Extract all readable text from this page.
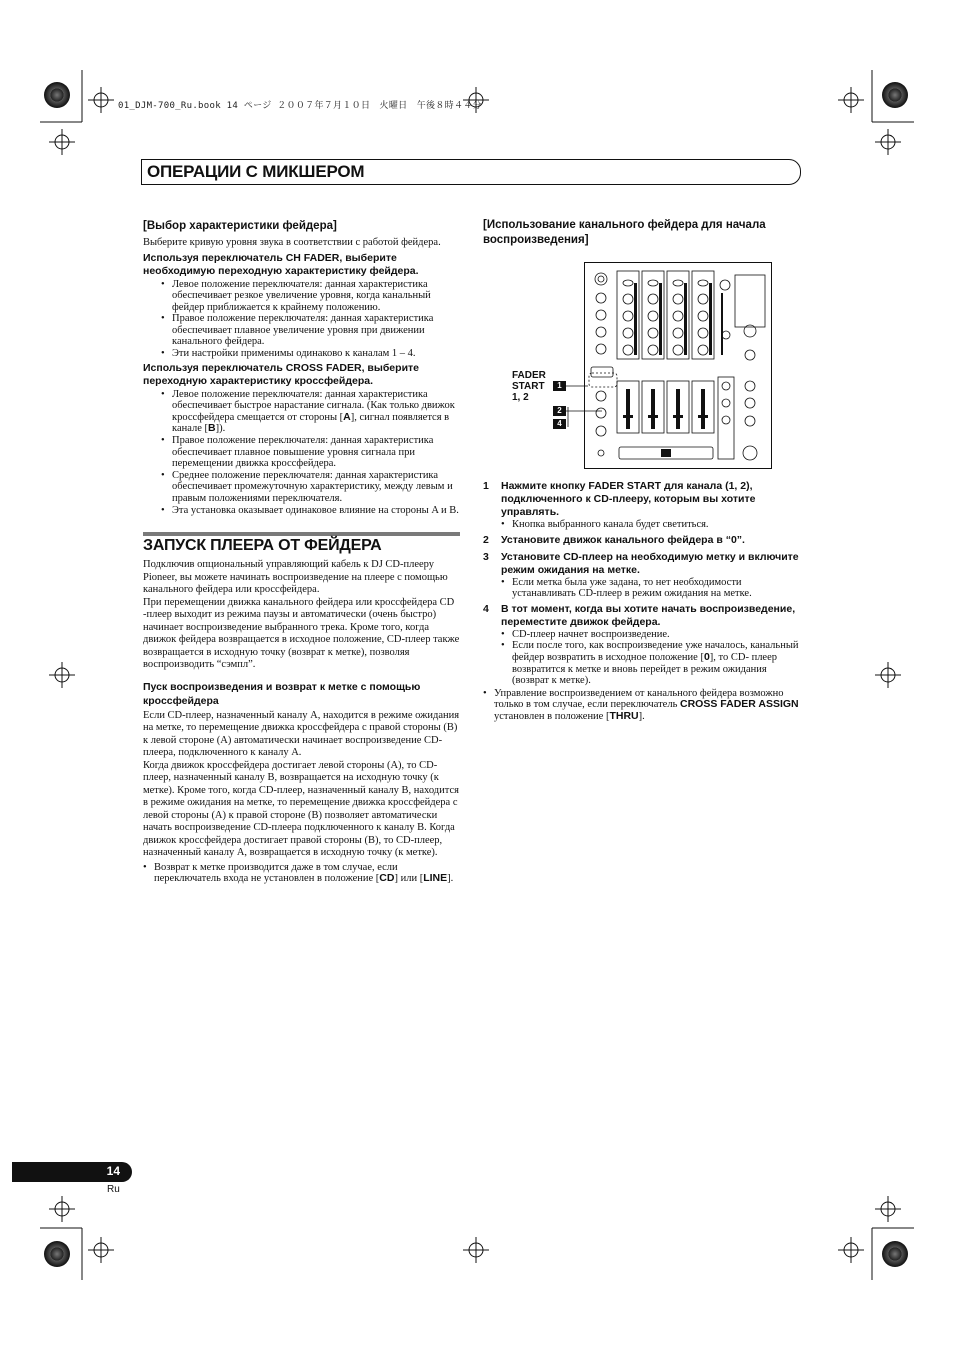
01_DJM-700_Ru.book 14 ページ ２００７年７月１０日　火曜日　午後８時４４分
ОПЕРАЦИИ С МИКШЕРОМ
[Выбор характеристики фейдера]

Выберите кривую уровня звука в соответствии с работой фейдера.

Используя переключатель CH FADER, выберите необходимую переходную характеристику фейдера.

• Левое положение переключателя: данная характеристика обеспечивает резкое увеличение уровня, когда канальный фейдер приближается к крайнему положению.
• Правое положение переключателя: данная характеристика обеспечивает плавное увеличение уровня при движении канального фейдера.
• Эти настройки применимы одинаково к каналам 1 – 4.

Используя переключатель CROSS FADER, выберите переходную характеристику кроссфейдера.

• Левое положение переключателя: данная характеристика обеспечивает быстрое нарастание сигнала. (Как только движок кроссфейдера смещается от стороны [A], сигнал появляется в канале [B]).
• Правое положение переключателя: данная характеристика обеспечивает плавное повышение уровня сигнала при перемещении движка кроссфейдера.
• Среднее положение переключателя: данная характеристика обеспечивает промежуточную характеристику, между левым и правым положениями переключателя.
• Эта установка оказывает одинаковое влияние на стороны A и B.
ЗАПУСК ПЛЕЕРА ОТ ФЕЙДЕРА

Подключив опциональный управляющий кабель к DJ CD-плееру Pioneer, вы можете начинать воспроизведение на плеере с помощью канального фейдера или кроссфейдера.

При перемещении движка канального фейдера или кроссфейдера CD -плеер выходит из режима паузы и автоматически (очень быстро) начинает воспроизведение выбранного трека. Кроме того, когда движок фейдера возвращается в исходное положение, CD-плеер также возвращается в исходную точку (возврат к метке), позволяя воспроизводить “сэмпл”.

Пуск воспроизведения и возврат к метке с помощью кроссфейдера

Если CD-плеер, назначенный каналу A, находится в режиме ожидания на метке, то перемещение движка кроссфейдера с правой стороны (B) к левой стороне (A) автоматически начинает воспроизведение CD-плеера, подключенного к каналу A.

Когда движок кроссфейдера достигает левой стороны (A), то CD-плеер, назначенный каналу B, возвращается на исходную точку (к метке). Кроме того, когда CD-плеер, назначенный каналу B, находится в режиме ожидания на метке, то перемещение движка кроссфейдера с левой стороны (A) к правой стороне (B) позволяет автоматически начать воспроизведение CD-плеера подключенного к каналу B. Когда движок кроссфейдера достигает правой стороны (B), то CD-плеер, назначенный каналу A, возвращается в исходную точку (к метке).

• Возврат к метке производится даже в том случае, если переключатель входа не установлен в положение [CD] или [LINE].
[Использование канального фейдера для начала воспроизведения]
FADER
START
1, 2
1
2
4
1 Нажмите кнопку FADER START для канала (1, 2), подключенного к CD-плееру, которым вы хотите управлять.
• Кнопка выбранного канала будет светиться.
2 Установите движок канального фейдера в “0”.
3 Установите CD-плеер на необходимую метку и включите режим ожидания на метке.
• Если метка была уже задана, то нет необходимости устанавливать CD-плеер в режим ожидания на метке.
4 В тот момент, когда вы хотите начать воспроизведение, переместите движок фейдера.
• CD-плеер начнет воспроизведение.
• Если после того, как воспроизведение уже началось, канальный фейдер возвратить в исходное положение [0], то CD- плеер возвратится к метке и вновь перейдет в режим ожидания (возврат к метке).
• Управление воспроизведением от канального фейдера возможно только в том случае, если переключатель CROSS FADER ASSIGN установлен в положение [THRU].
14
Ru
